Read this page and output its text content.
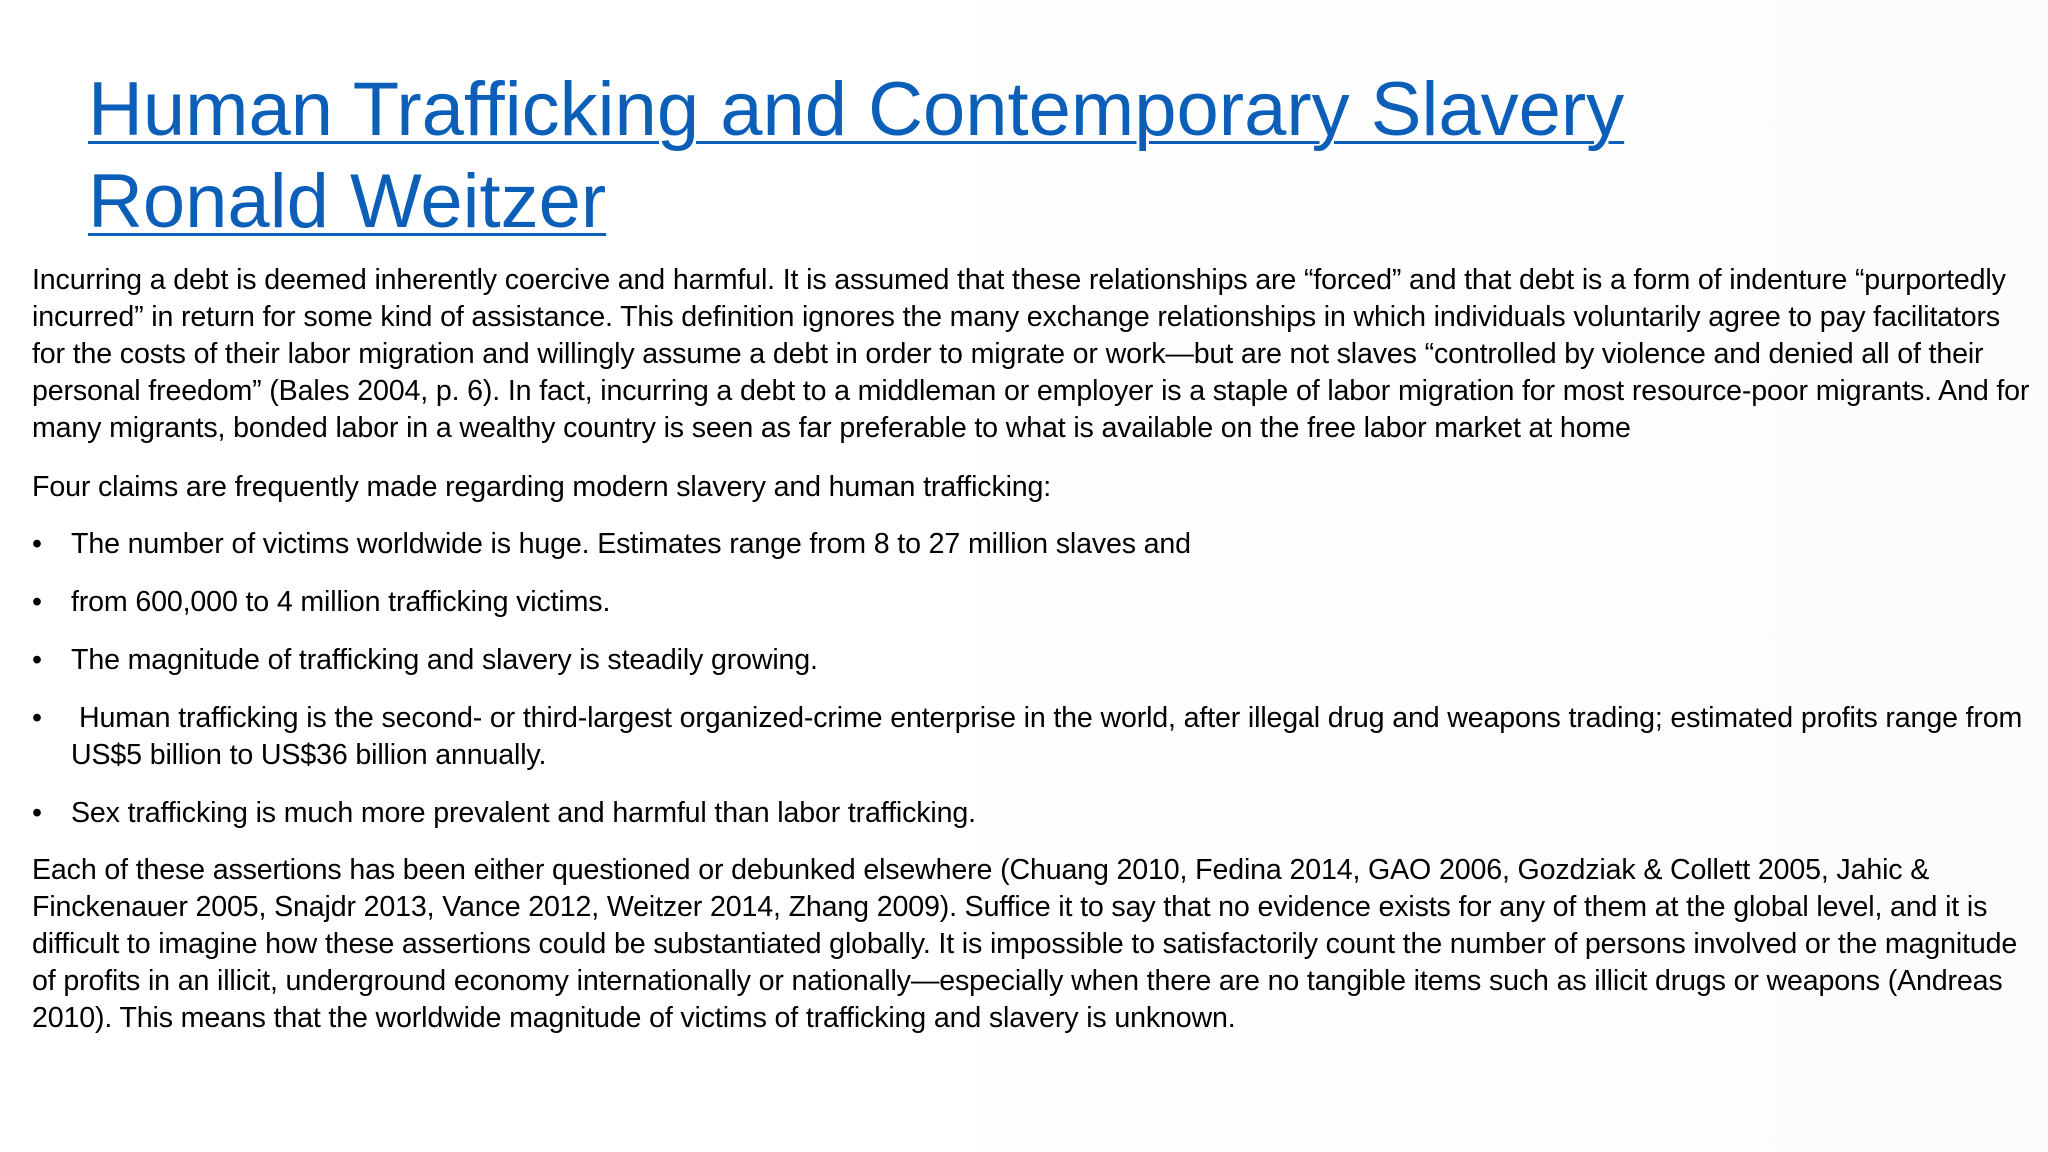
Human Trafficking and Contemporary Slavery
Ronald Weitzer

Incurring a debt is deemed inherently coercive and harmful. It is assumed that these relationships are “forced” and that debt is a form of indenture “purportedly incurred” in return for some kind of assistance. This definition ignores the many exchange relationships in which individuals voluntarily agree to pay facilitators for the costs of their labor migration and willingly assume a debt in order to migrate or work—but are not slaves “controlled by violence and denied all of their personal freedom” (Bales 2004, p. 6). In fact, incurring a debt to a middleman or employer is a staple of labor migration for most resource-poor migrants. And for many migrants, bonded labor in a wealthy country is seen as far preferable to what is available on the free labor market at home

Four claims are frequently made regarding modern slavery and human trafficking:

•	The number of victims worldwide is huge. Estimates range from 8 to 27 million slaves and
•	from 600,000 to 4 million trafficking victims.
•	The magnitude of trafficking and slavery is steadily growing.
•	Human trafficking is the second- or third-largest organized-crime enterprise in the world, after illegal drug and weapons trading; estimated profits range from US$5 billion to US$36 billion annually.
•	Sex trafficking is much more prevalent and harmful than labor trafficking.

Each of these assertions has been either questioned or debunked elsewhere (Chuang 2010, Fedina 2014, GAO 2006, Gozdziak & Collett 2005, Jahic & Finckenauer 2005, Snajdr 2013, Vance 2012, Weitzer 2014, Zhang 2009). Suffice it to say that no evidence exists for any of them at the global level, and it is difficult to imagine how these assertions could be substantiated globally. It is impossible to satisfactorily count the number of persons involved or the magnitude of profits in an illicit, underground economy internationally or nationally—especially when there are no tangible items such as illicit drugs or weapons (Andreas 2010). This means that the worldwide magnitude of victims of trafficking and slavery is unknown.
